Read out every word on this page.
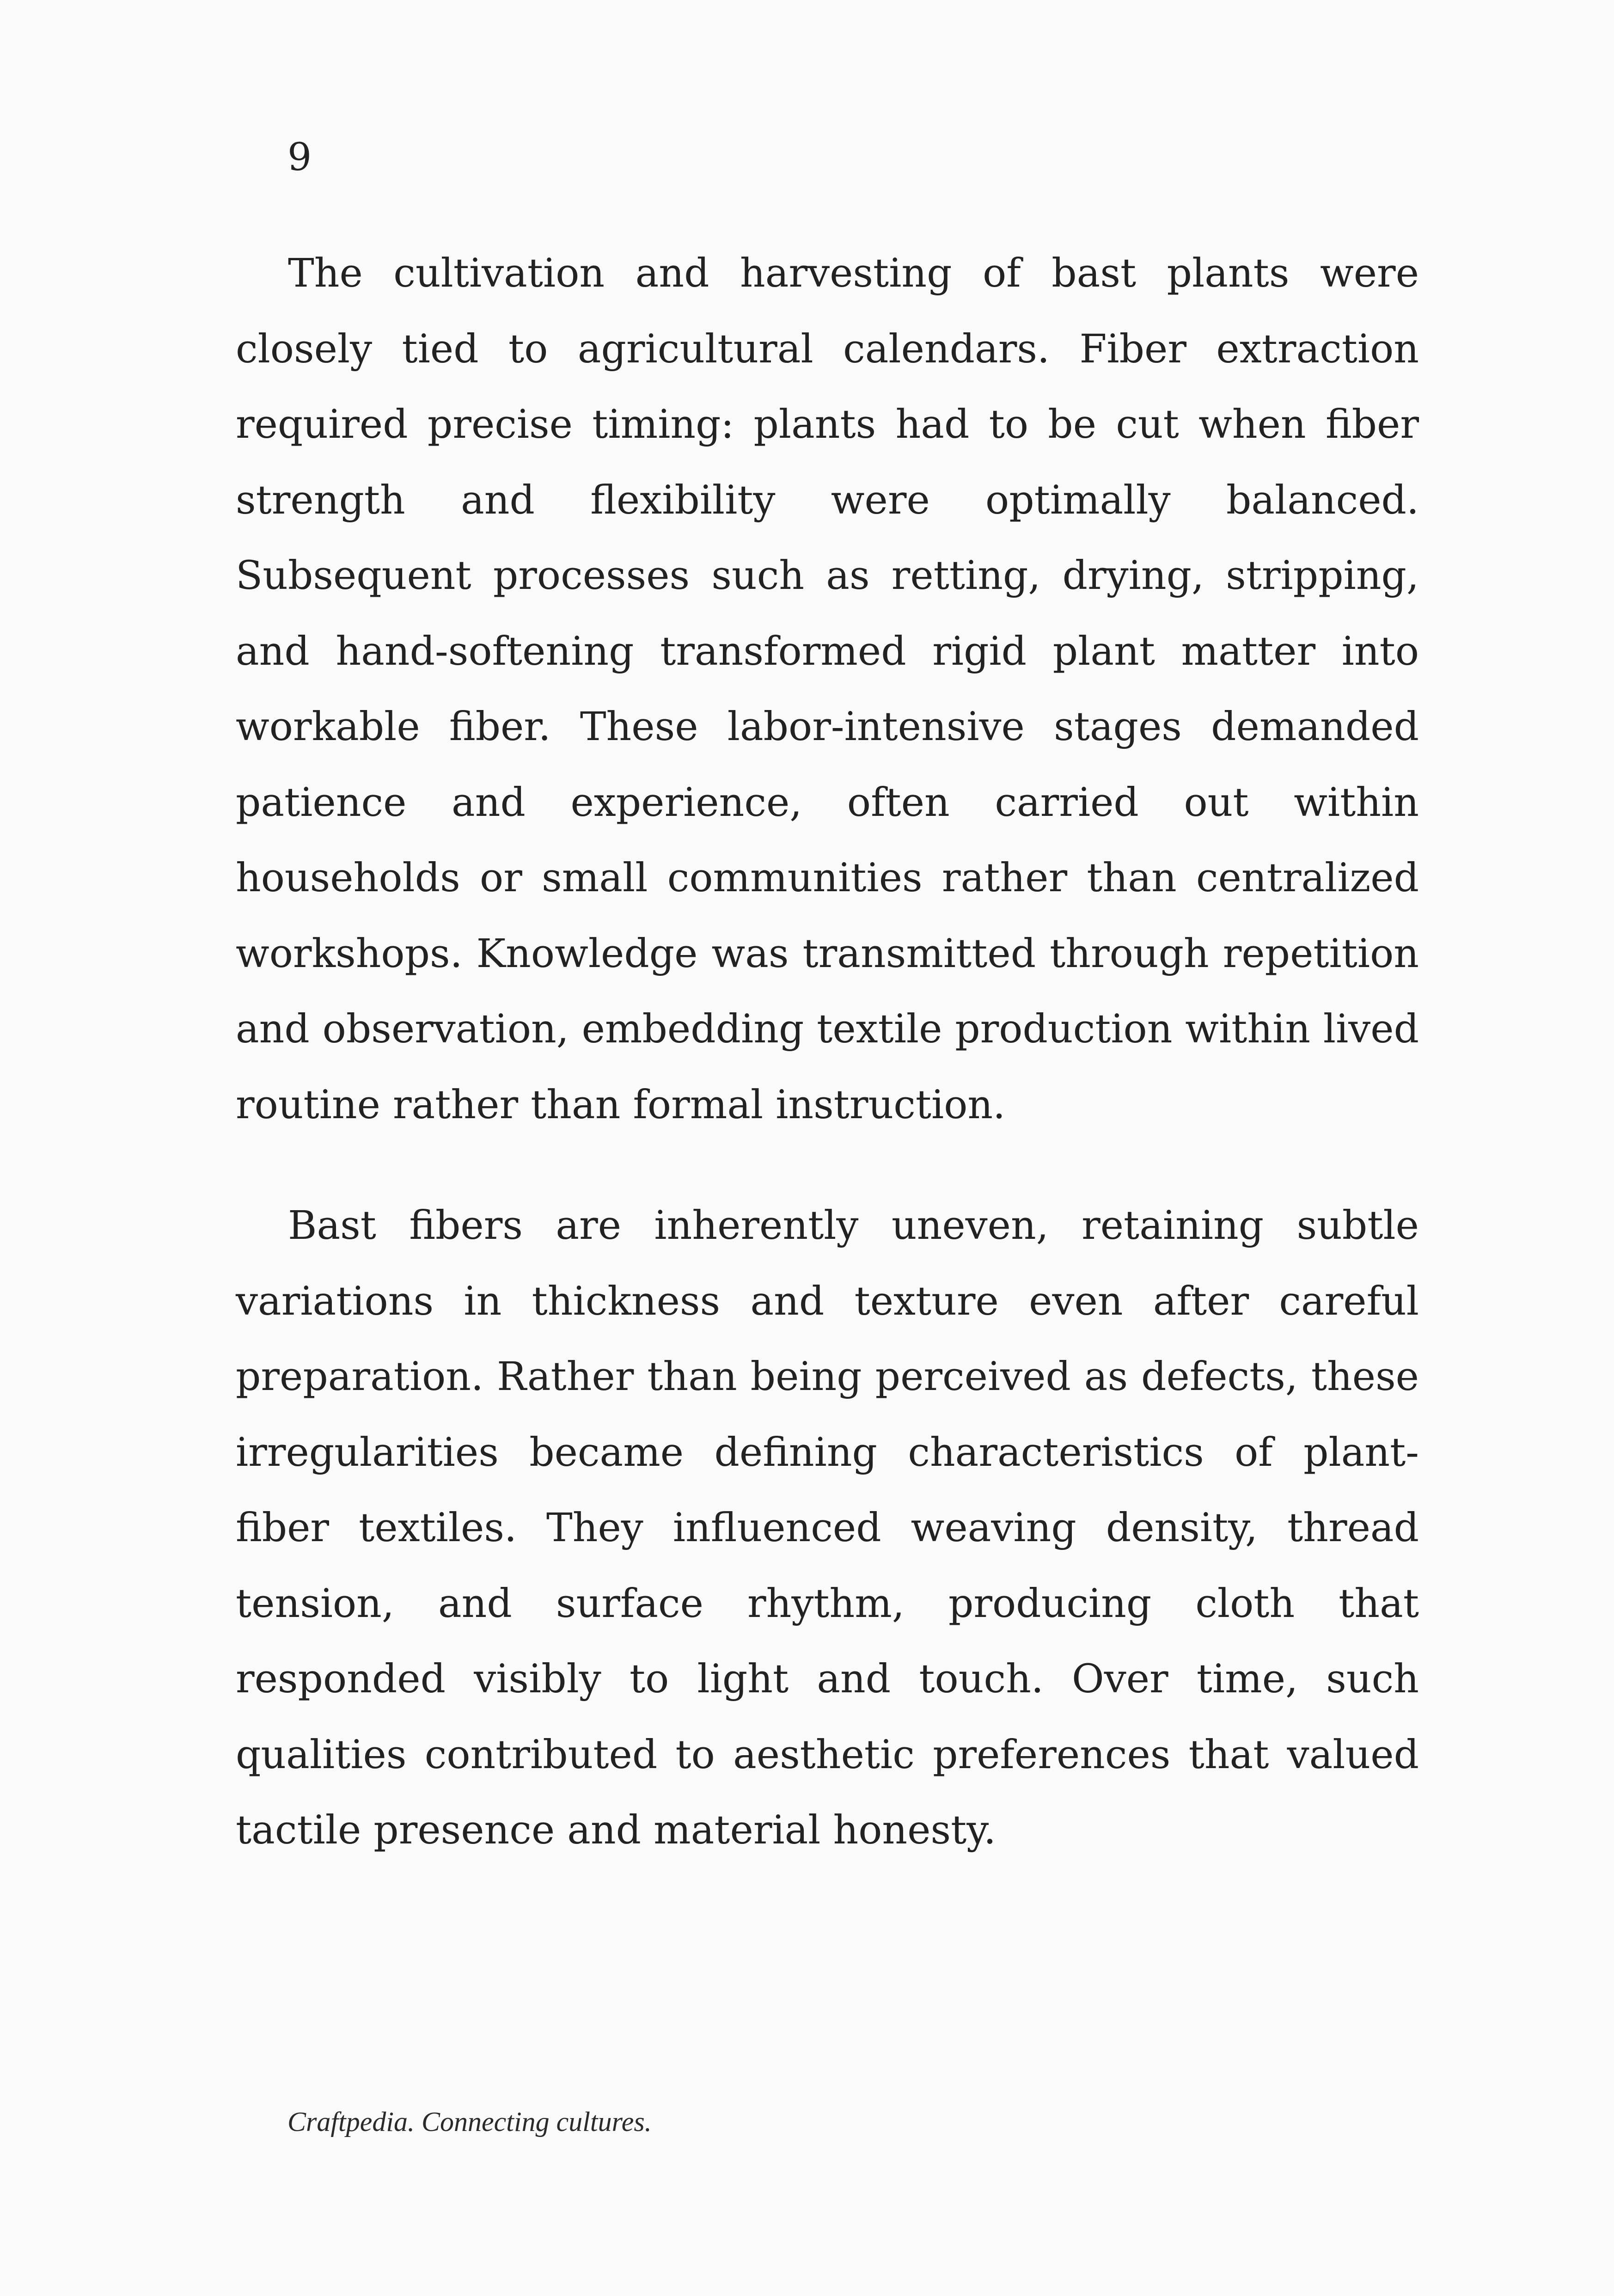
9

The cultivation and harvesting of bast plants were closely tied to agricultural calendars. Fiber extraction required precise timing: plants had to be cut when fiber strength and flexibility were optimally balanced. Subsequent processes such as retting, drying, stripping, and hand-softening transformed rigid plant matter into workable fiber. These labor-intensive stages demanded patience and experience, often carried out within households or small communities rather than centralized workshops. Knowledge was transmitted through repetition and observation, embedding textile production within lived routine rather than formal instruction.

Bast fibers are inherently uneven, retaining subtle variations in thickness and texture even after careful preparation. Rather than being perceived as defects, these irregularities became defining characteristics of plant-fiber textiles. They influenced weaving density, thread tension, and surface rhythm, producing cloth that responded visibly to light and touch. Over time, such qualities contributed to aesthetic preferences that valued tactile presence and material honesty.

Craftpedia. Connecting cultures.
